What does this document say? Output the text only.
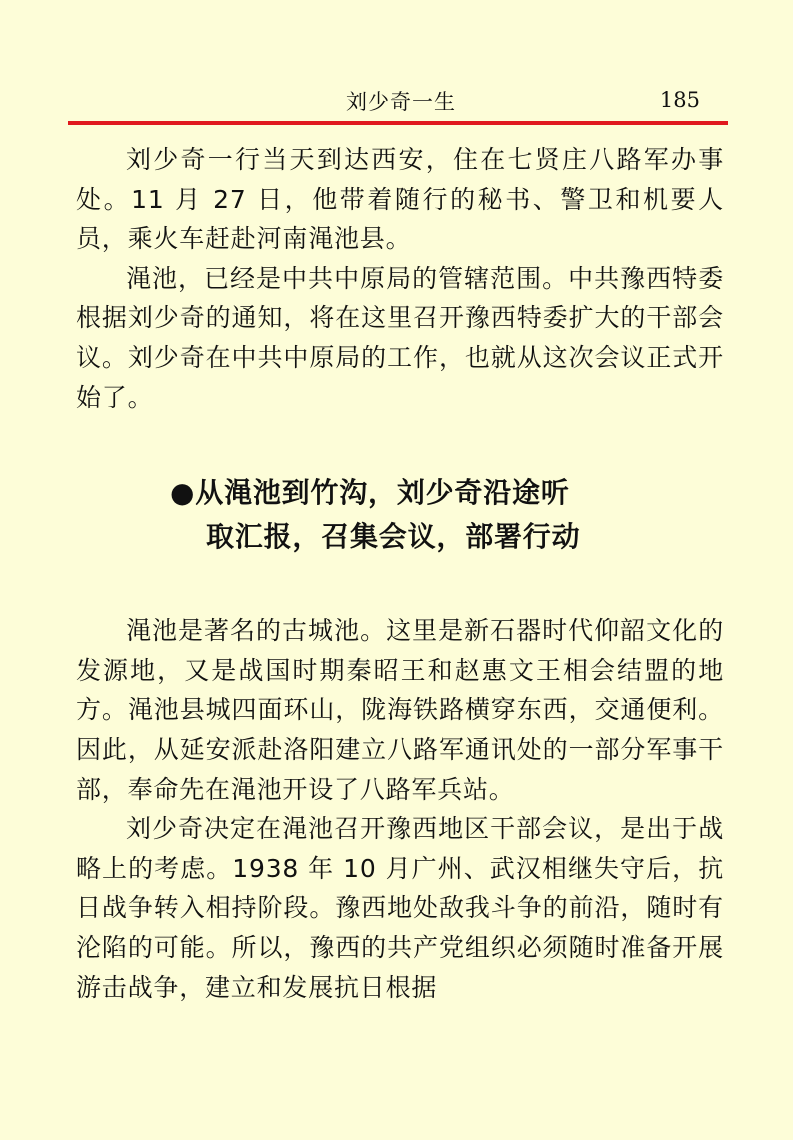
刘少奇一生	185

刘少奇一行当天到达西安，住在七贤庄八路军办事处。11 月 27 日，他带着随行的秘书、警卫和机要人员，乘火车赶赴河南渑池县。

渑池，已经是中共中原局的管辖范围。中共豫西特委根据刘少奇的通知，将在这里召开豫西特委扩大的干部会议。刘少奇在中共中原局的工作，也就从这次会议正式开始了。

●从渑池到竹沟，刘少奇沿途听
取汇报，召集会议，部署行动

渑池是著名的古城池。这里是新石器时代仰韶文化的发源地，又是战国时期秦昭王和赵惠文王相会结盟的地方。渑池县城四面环山，陇海铁路横穿东西，交通便利。因此，从延安派赴洛阳建立八路军通讯处的一部分军事干部，奉命先在渑池开设了八路军兵站。

刘少奇决定在渑池召开豫西地区干部会议，是出于战略上的考虑。1938 年 10 月广州、武汉相继失守后，抗日战争转入相持阶段。豫西地处敌我斗争的前沿，随时有沦陷的可能。所以，豫西的共产党组织必须随时准备开展游击战争，建立和发展抗日根据
